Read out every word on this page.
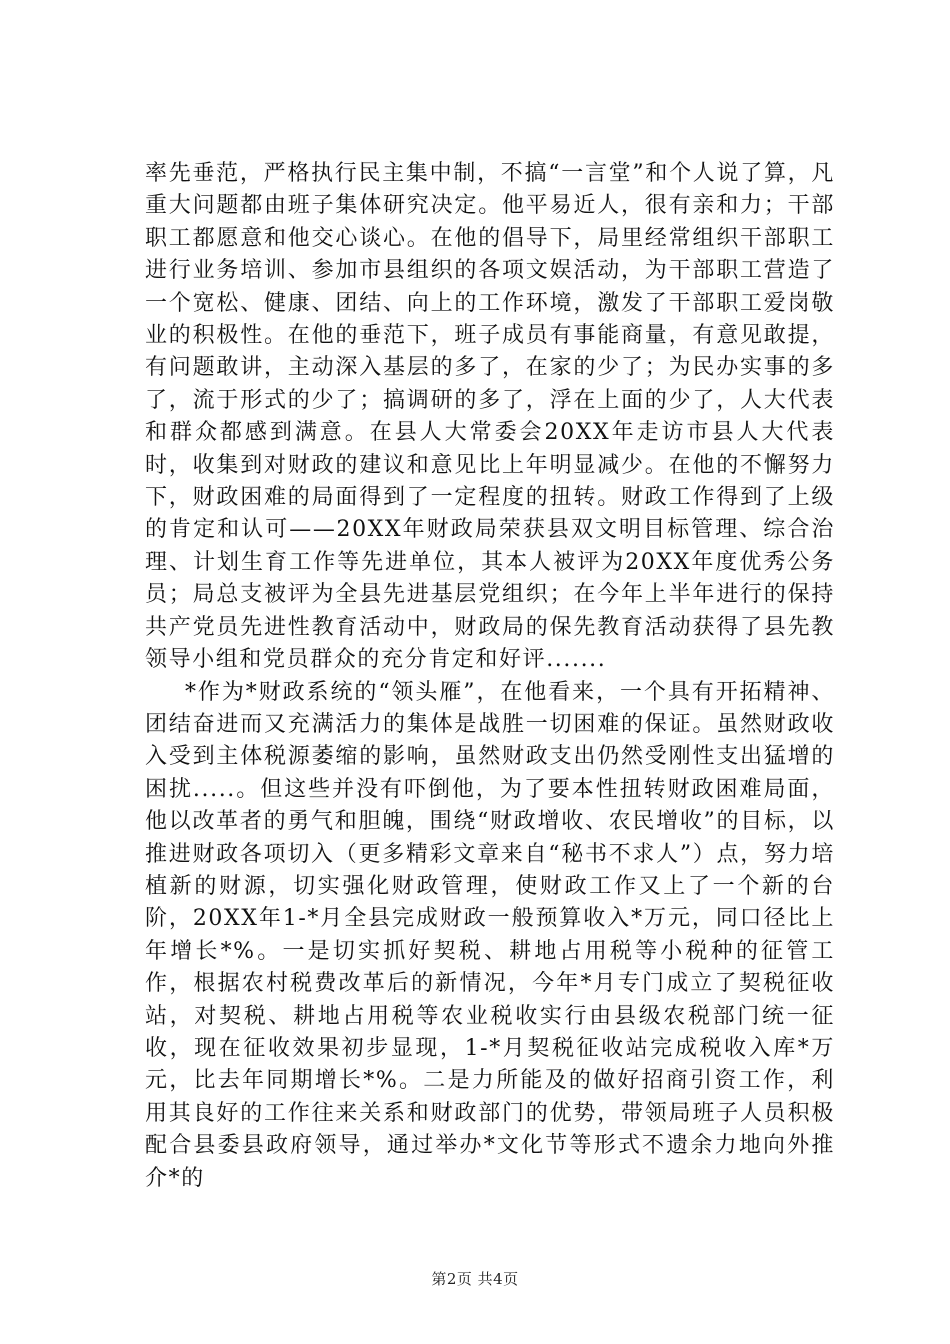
率先垂范，严格执行民主集中制，不搞“一言堂”和个人说了算，凡重大问题都由班子集体研究决定。他平易近人，很有亲和力；干部职工都愿意和他交心谈心。在他的倡导下，局里经常组织干部职工进行业务培训、参加市县组织的各项文娱活动，为干部职工营造了一个宽松、健康、团结、向上的工作环境，激发了干部职工爱岗敬业的积极性。在他的垂范下，班子成员有事能商量，有意见敢提，有问题敢讲，主动深入基层的多了，在家的少了；为民办实事的多了，流于形式的少了；搞调研的多了，浮在上面的少了，人大代表和群众都感到满意。在县人大常委会20XX年走访市县人大代表时，收集到对财政的建议和意见比上年明显减少。在他的不懈努力下，财政困难的局面得到了一定程度的扭转。财政工作得到了上级的肯定和认可——20XX年财政局荣获县双文明目标管理、综合治理、计划生育工作等先进单位，其本人被评为20XX年度优秀公务员；局总支被评为全县先进基层党组织；在今年上半年进行的保持共产党员先进性教育活动中，财政局的保先教育活动获得了县先教领导小组和党员群众的充分肯定和好评.......

*作为*财政系统的“领头雁”，在他看来，一个具有开拓精神、团结奋进而又充满活力的集体是战胜一切困难的保证。虽然财政收入受到主体税源萎缩的影响，虽然财政支出仍然受刚性支出猛增的困扰.....。但这些并没有吓倒他，为了要本性扭转财政困难局面，他以改革者的勇气和胆魄，围绕“财政增收、农民增收”的目标，以推进财政各项切入（更多精彩文章来自“秘书不求人”）点，努力培植新的财源，切实强化财政管理，使财政工作又上了一个新的台阶，20XX年1-*月全县完成财政一般预算收入*万元，同口径比上年增长*%。一是切实抓好契税、耕地占用税等小税种的征管工作，根据农村税费改革后的新情况，今年*月专门成立了契税征收站，对契税、耕地占用税等农业税收实行由县级农税部门统一征收，现在征收效果初步显现，1-*月契税征收站完成税收入库*万元，比去年同期增长*%。二是力所能及的做好招商引资工作，利用其良好的工作往来关系和财政部门的优势，带领局班子人员积极配合县委县政府领导，通过举办*文化节等形式不遗余力地向外推介*的

第2页 共4页
